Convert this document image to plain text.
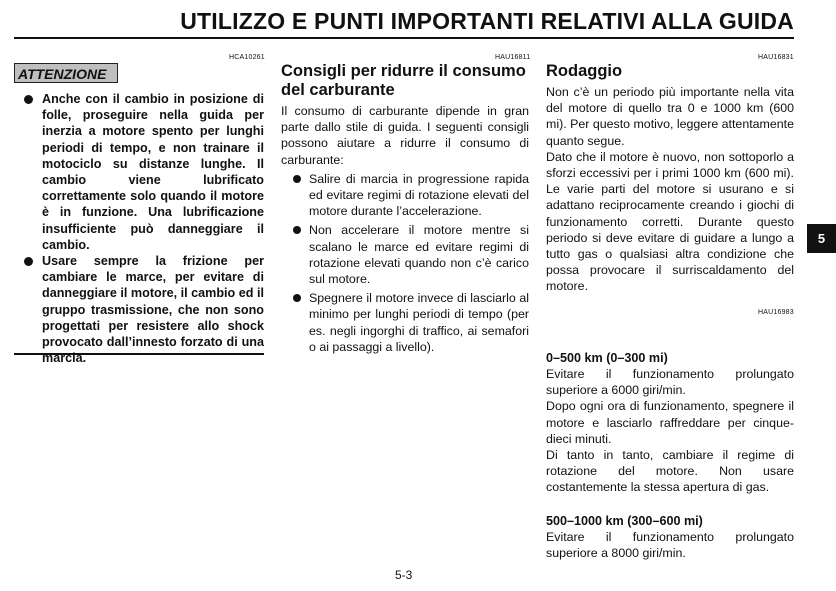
UTILIZZO E PUNTI IMPORTANTI RELATIVI ALLA GUIDA
HCA10261
ATTENZIONE
Anche con il cambio in posizione di folle, proseguire nella guida per inerzia a motore spento per lunghi periodi di tempo, e non trainare il motociclo su distanze lunghe. Il cambio viene lubrificato correttamente solo quando il motore è in funzione. Una lubrificazione insufficiente può danneggiare il cambio.
Usare sempre la frizione per cambiare le marce, per evitare di danneggiare il motore, il cambio ed il gruppo trasmissione, che non sono progettati per resistere allo shock provocato dall’innesto forzato di una marcia.
HAU16811
Consigli per ridurre il consumo del carburante

Il consumo di carburante dipende in gran parte dallo stile di guida. I seguenti consigli possono aiutare a ridurre il consumo di carburante:

Salire di marcia in progressione rapida ed evitare regimi di rotazione elevati del motore durante l’accelerazione.
Non accelerare il motore mentre si scalano le marce ed evitare regimi di rotazione elevati quando non c’è carico sul motore.
Spegnere il motore invece di lasciarlo al minimo per lunghi periodi di tempo (per es. negli ingorghi di traffico, ai semafori o ai passaggi a livello).
HAU16831
Rodaggio

Non c’è un periodo più importante nella vita del motore di quello tra 0 e 1000 km (600 mi). Per questo motivo, leggere attentamente quanto segue.

Dato che il motore è nuovo, non sottoporlo a sforzi eccessivi per i primi 1000 km (600 mi). Le varie parti del motore si usurano e si adattano reciprocamente creando i giochi di funzionamento corretti. Durante questo periodo si deve evitare di guidare a lungo a tutto gas o qualsiasi altra condizione che possa provocare il surriscaldamento del motore.

HAU16983
0–500 km (0–300 mi)

Evitare il funzionamento prolungato superiore a 6000 giri/min.

Dopo ogni ora di funzionamento, spegnere il motore e lasciarlo raffreddare per cinque-dieci minuti.

Di tanto in tanto, cambiare il regime di rotazione del motore. Non usare costantemente la stessa apertura di gas.

500–1000 km (300–600 mi)

Evitare il funzionamento prolungato superiore a 8000 giri/min.

5
5-3
